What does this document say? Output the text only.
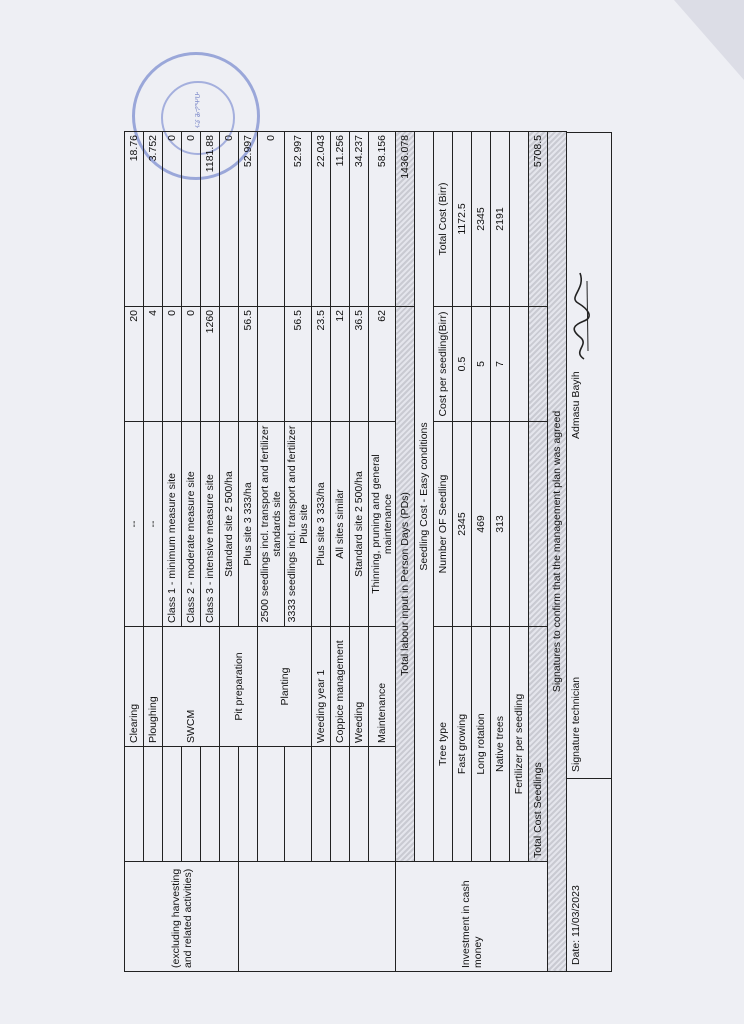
ብሔራዊ ደን
(excluding harvesting and related activities)		Clearing	--	20	18.76
		Ploughing	--	4	3.752
		SWCM	Class 1 - minimum measure site	0	0
			Class 2 - moderate measure site	0	0
			Class 3 - intensive measure site	1260	1181.88
		Pit preparation	Standard site 2 500/ha		0
			Plus site 3 333/ha	56.5	52.997
		Planting	2500 seedlings incl. transport and fertilizer standards site		0
			3333 seedlings incl. transport and fertilizer Plus site	56.5	52.997
		Weeding year 1	Plus site 3 333/ha	23.5	22.043
		Coppice management	All sites similar	12	11.256
		Weeding	Standard site 2 500/ha	36.5	34.237
		Maintenance	Thinning, pruning and general maintenance	62	58.156
Investment in cash money	Total labour input in Person Days (PDs)				1436.078
	Seedling Cost - Easy conditions				
	Tree type		Number OF Seedling	Cost per seedling(Birr)	Total Cost (Birr)
	Fast growing		2345	0.5	1172.5
	Long rotation		469	5	2345
	Native trees		313	7	2191
	Fertilizer per seedling				
	Total Cost Seedlings				5708.5
Signatures to confirm that the management plan was agreed					
Date: 11/03/2023
Signature technician
Admasu Bayih
